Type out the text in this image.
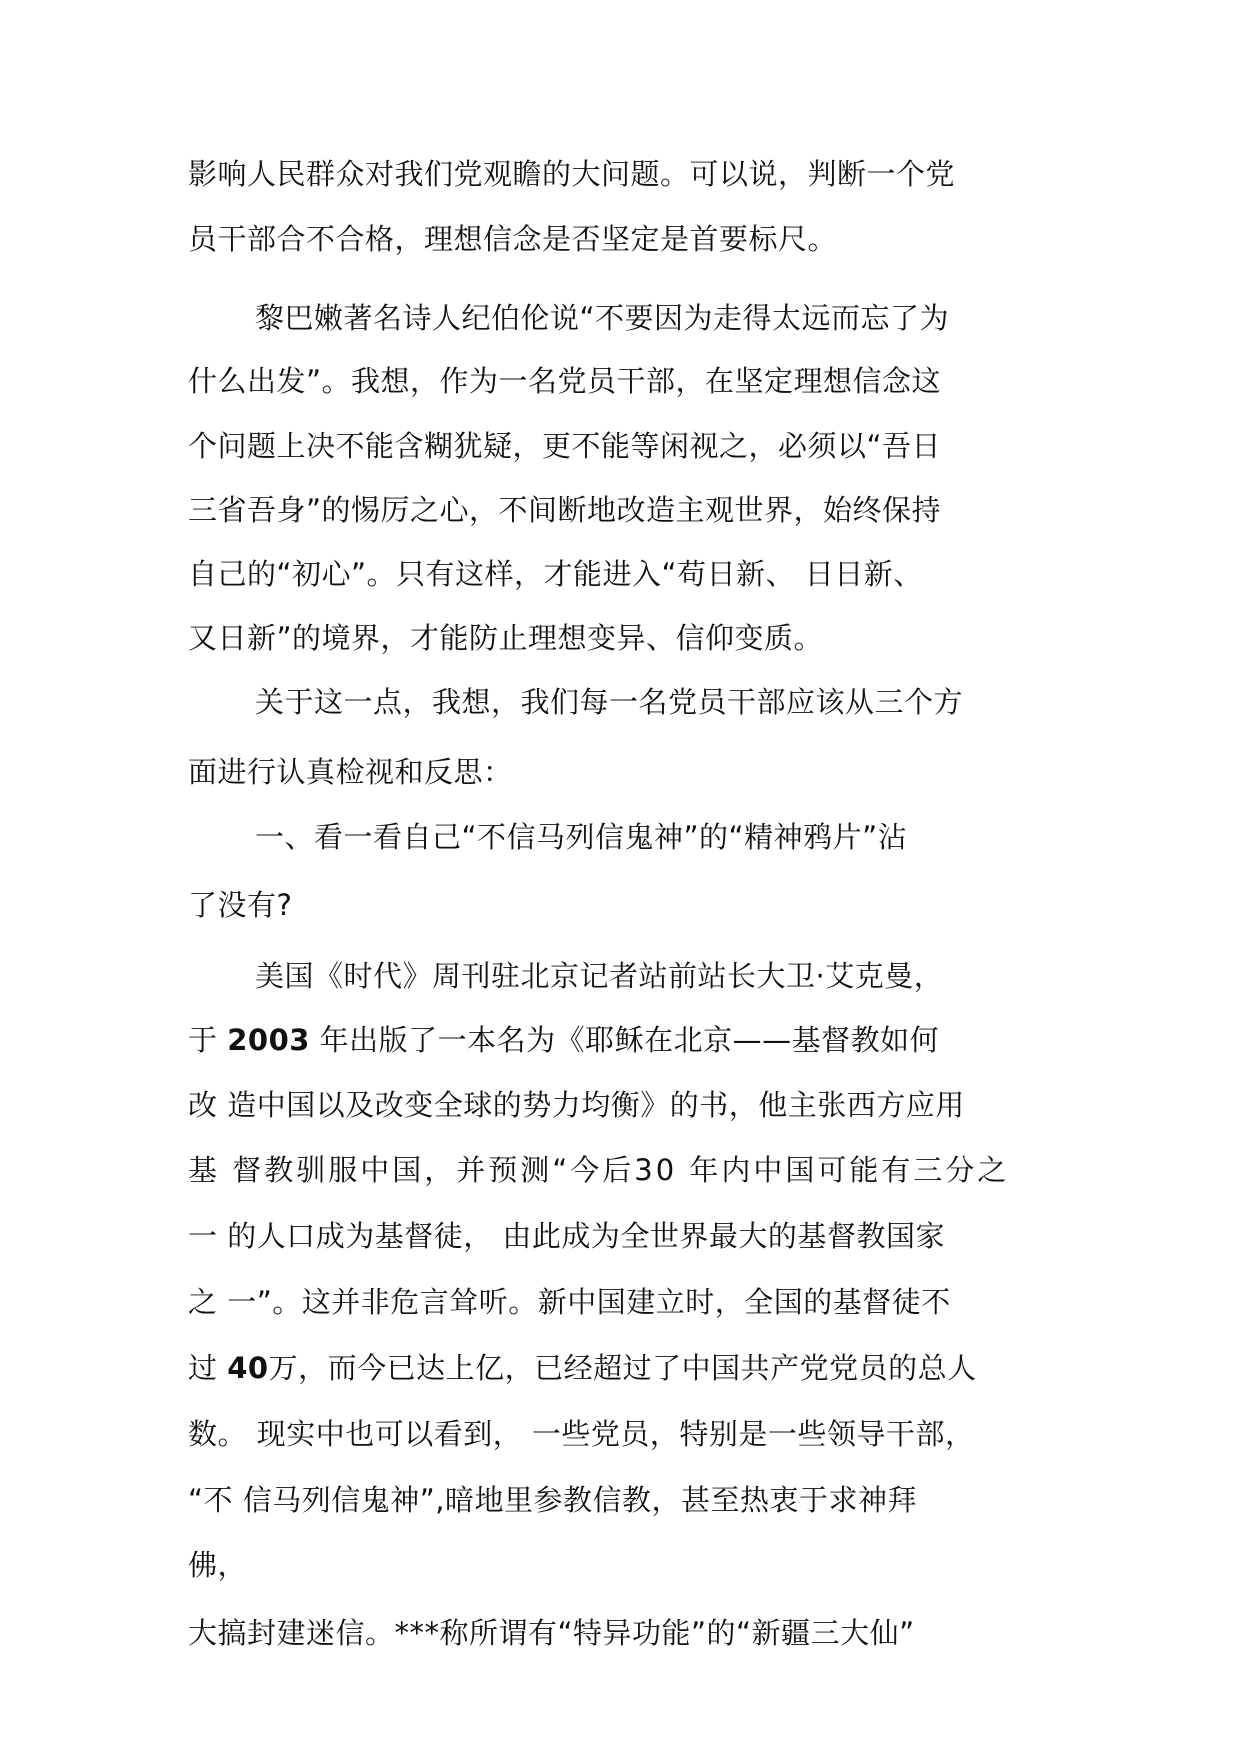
影响人民群众对我们党观瞻的大问题。可以说，判断一个党
员干部合不合格，理想信念是否坚定是首要标尺。
黎巴嫩著名诗人纪伯伦说“不要因为走得太远而忘了为
什么出发”。我想，作为一名党员干部，在坚定理想信念这
个问题上决不能含糊犹疑，更不能等闲视之，必须以“吾日
三省吾身”的惕厉之心，不间断地改造主观世界，始终保持
自己的“初心”。只有这样，才能进入“苟日新、 日日新、
又日新”的境界，才能防止理想变异、信仰变质。
关于这一点，我想，我们每一名党员干部应该从三个方
面进行认真检视和反思：
一、看一看自己“不信马列信鬼神”的“精神鸦片”沾
了没有?
美国《时代》周刊驻北京记者站前站长大卫·艾克曼，
于 2003 年出版了一本名为《耶稣在北京——基督教如何
改 造中国以及改变全球的势力均衡》的书，他主张西方应用
基 督教驯服中国，并预测“今后30 年内中国可能有三分之
一 的人口成为基督徒， 由此成为全世界最大的基督教国家
之 一”。这并非危言耸听。新中国建立时，全国的基督徒不
过 40万，而今已达上亿，已经超过了中国共产党党员的总人
数。 现实中也可以看到， 一些党员，特别是一些领导干部，
“不 信马列信鬼神”,暗地里参教信教，甚至热衷于求神拜
佛，
大搞封建迷信。***称所谓有“特异功能”的“新疆三大仙”
